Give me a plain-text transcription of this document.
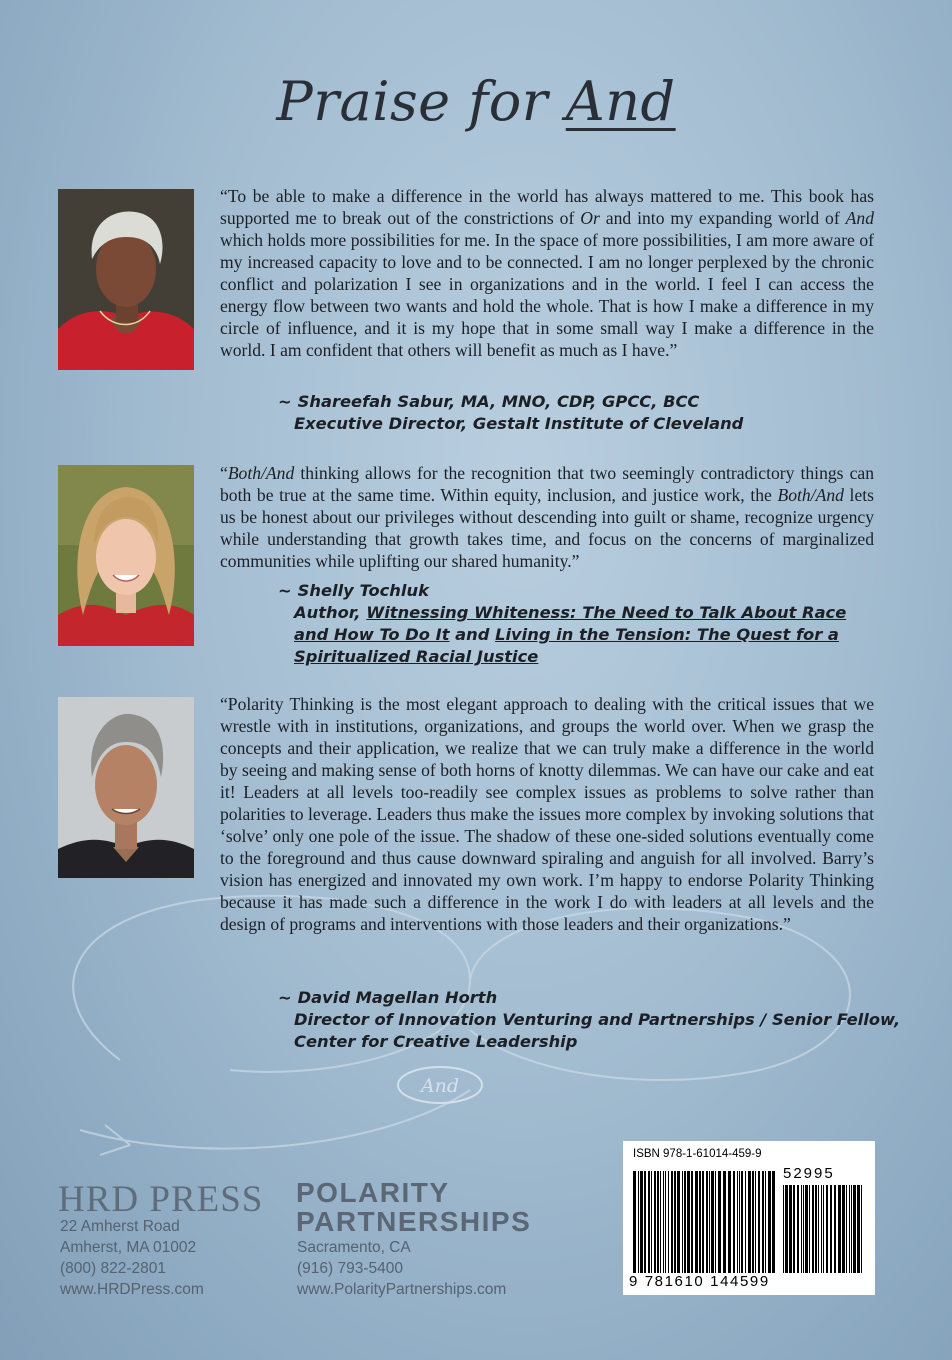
Praise for And
And
“To be able to make a difference in the world has always mattered to me. This book has supported me to break out of the constrictions of Or and into my expanding world of And which holds more possibilities for me. In the space of more possibilities, I am more aware of my increased capacity to love and to be connected. I am no longer perplexed by the chronic conflict and polarization I see in organizations and in the world. I feel I can access the energy flow between two wants and hold the whole. That is how I make a difference in my circle of influence, and it is my hope that in some small way I make a difference in the world. I am confident that others will benefit as much as I have.”
~ Shareefah Sabur, MA, MNO, CDP, GPCC, BCC
Executive Director, Gestalt Institute of Cleveland
“Both/And thinking allows for the recognition that two seemingly contradictory things can both be true at the same time. Within equity, inclusion, and justice work, the Both/And lets us be honest about our privileges without descending into guilt or shame, recognize urgency while understanding that growth takes time, and focus on the concerns of marginalized communities while uplifting our shared humanity.”
~ Shelly Tochluk
Author, Witnessing Whiteness: The Need to Talk About Race and How To Do It and Living in the Tension: The Quest for a Spiritualized Racial Justice
“Polarity Thinking is the most elegant approach to dealing with the critical issues that we wrestle with in institutions, organizations, and groups the world over. When we grasp the concepts and their application, we realize that we can truly make a difference in the world by seeing and making sense of both horns of knotty dilemmas. We can have our cake and eat it! Leaders at all levels too-readily see complex issues as problems to solve rather than polarities to leverage. Leaders thus make the issues more complex by invoking solutions that ‘solve’ only one pole of the issue. The shadow of these one-sided solutions eventually come to the foreground and thus cause downward spiraling and anguish for all involved. Barry’s vision has energized and innovated my own work. I’m happy to endorse Polarity Thinking because it has made such a difference in the work I do with leaders at all levels and the design of programs and interventions with those leaders and their organizations.”
~ David Magellan Horth
Director of Innovation Venturing and Partnerships / Senior Fellow,
Center for Creative Leadership
HRD PRESS
22 Amherst Road
Amherst, MA 01002
(800) 822-2801
www.HRDPress.com
POLARITY
PARTNERSHIPS
Sacramento, CA
(916) 793-5400
www.PolarityPartnerships.com
ISBN 978-1-61014-459-9
52995
9 781610 144599
